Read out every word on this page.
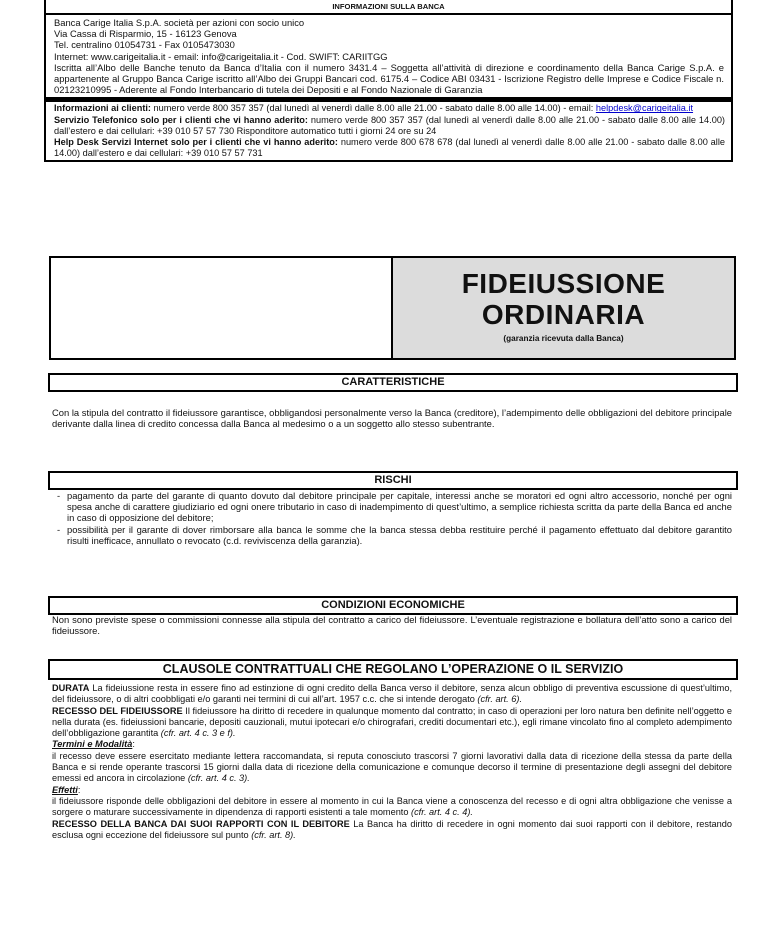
INFORMAZIONI SULLA BANCA

Banca Carige Italia S.p.A. società per azioni con socio unico

Via Cassa di Risparmio, 15 - 16123 Genova

Tel. centralino 01054731 - Fax 0105473030

Internet: www.carigeitalia.it - email: info@carigeitalia.it - Cod. SWIFT: CARIITGG

Iscritta all’Albo delle Banche tenuto da Banca d’Italia con il numero 3431.4 – Soggetta all’attività di direzione e coordinamento della Banca Carige S.p.A. e appartenente al Gruppo Banca Carige iscritto all’Albo dei Gruppi Bancari cod. 6175.4 – Codice ABI 03431 - Iscrizione Registro delle Imprese e Codice Fiscale n. 02123210995 - Aderente al Fondo Interbancario di tutela dei Depositi e al Fondo Nazionale di Garanzia

Informazioni ai clienti: numero verde 800 357 357 (dal lunedì al venerdì dalle 8.00 alle 21.00 - sabato dalle 8.00 alle 14.00) - email: helpdesk@carigeitalia.it

Servizio Telefonico solo per i clienti che vi hanno aderito: numero verde 800 357 357 (dal lunedì al venerdì dalle 8.00 alle 21.00 - sabato dalle 8.00 alle 14.00) dall’estero e dai cellulari: +39 010 57 57 730 Risponditore automatico tutti i giorni 24 ore su 24

Help Desk Servizi Internet solo per i clienti che vi hanno aderito: numero verde 800 678 678 (dal lunedì al venerdì dalle 8.00 alle 21.00 - sabato dalle 8.00 alle 14.00) dall’estero e dai cellulari: +39 010 57 57 731

FIDEIUSSIONE
ORDINARIA
(garanzia ricevuta dalla Banca)
CARATTERISTICHE

Con la stipula del contratto il fideiussore garantisce, obbligandosi personalmente verso la Banca (creditore), l’adempimento delle obbligazioni del debitore principale derivante dalla linea di credito concessa dalla Banca al medesimo o a un soggetto allo stesso subentrante.

RISCHI
- pagamento da parte del garante di quanto dovuto dal debitore principale per capitale, interessi anche se moratori ed ogni altro accessorio, nonché per ogni spesa anche di carattere giudiziario ed ogni onere tributario in caso di inadempimento di quest’ultimo, a semplice richiesta scritta da parte della Banca ed anche in caso di opposizione del debitore;
- possibilità per il garante di dover rimborsare alla banca le somme che la banca stessa debba restituire perché il pagamento effettuato dal debitore garantito risulti inefficace, annullato o revocato (c.d. reviviscenza della garanzia).
CONDIZIONI ECONOMICHE

Non sono previste spese o commissioni connesse alla stipula del contratto a carico del fideiussore. L’eventuale registrazione e bollatura dell’atto sono a carico del fideiussore.

CLAUSOLE CONTRATTUALI CHE REGOLANO L’OPERAZIONE O IL SERVIZIO

DURATA La fideiussione resta in essere fino ad estinzione di ogni credito della Banca verso il debitore, senza alcun obbligo di preventiva escussione di quest’ultimo, del fideiussore, o di altri coobbligati e/o garanti nei termini di cui all’art. 1957 c.c. che si intende derogato (cfr. art. 6).

RECESSO DEL FIDEIUSSORE Il fideiussore ha diritto di recedere in qualunque momento dal contratto; in caso di operazioni per loro natura ben definite nell’oggetto e nella durata (es. fideiussioni bancarie, depositi cauzionali, mutui ipotecari e/o chirografari, crediti documentari etc.), egli rimane vincolato fino al completo adempimento dell’obbligazione garantita (cfr. art. 4 c. 3 e f).

Termini e Modalità:

il recesso deve essere esercitato mediante lettera raccomandata, si reputa conosciuto trascorsi 7 giorni lavorativi dalla data di ricezione della stessa da parte della Banca e si rende operante trascorsi 15 giorni dalla data di ricezione della comunicazione e comunque decorso il termine di presentazione degli assegni del debitore emessi ed ancora in circolazione (cfr. art. 4 c. 3).

Effetti:

il fideiussore risponde delle obbligazioni del debitore in essere al momento in cui la Banca viene a conoscenza del recesso e di ogni altra obbligazione che venisse a sorgere o maturare successivamente in dipendenza di rapporti esistenti a tale momento (cfr. art. 4 c. 4).

RECESSO DELLA BANCA DAI SUOI RAPPORTI CON IL DEBITORE La Banca ha diritto di recedere in ogni momento dai suoi rapporti con il debitore, restando esclusa ogni eccezione del fideiussore sul punto (cfr. art. 8).
